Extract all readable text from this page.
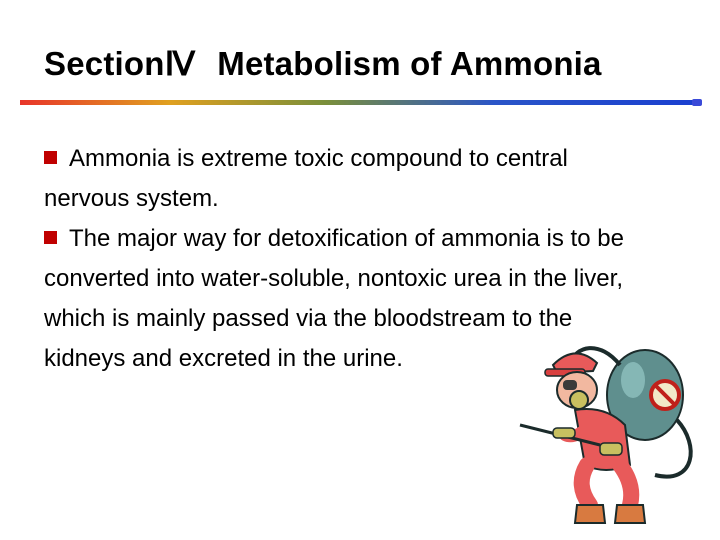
SectionⅣ Metabolism of Ammonia

Ammonia is extreme toxic compound to central nervous system.

The major way for detoxification of ammonia is to be converted into water-soluble, nontoxic urea in the liver, which is mainly passed via the bloodstream to the kidneys and excreted in the urine.
